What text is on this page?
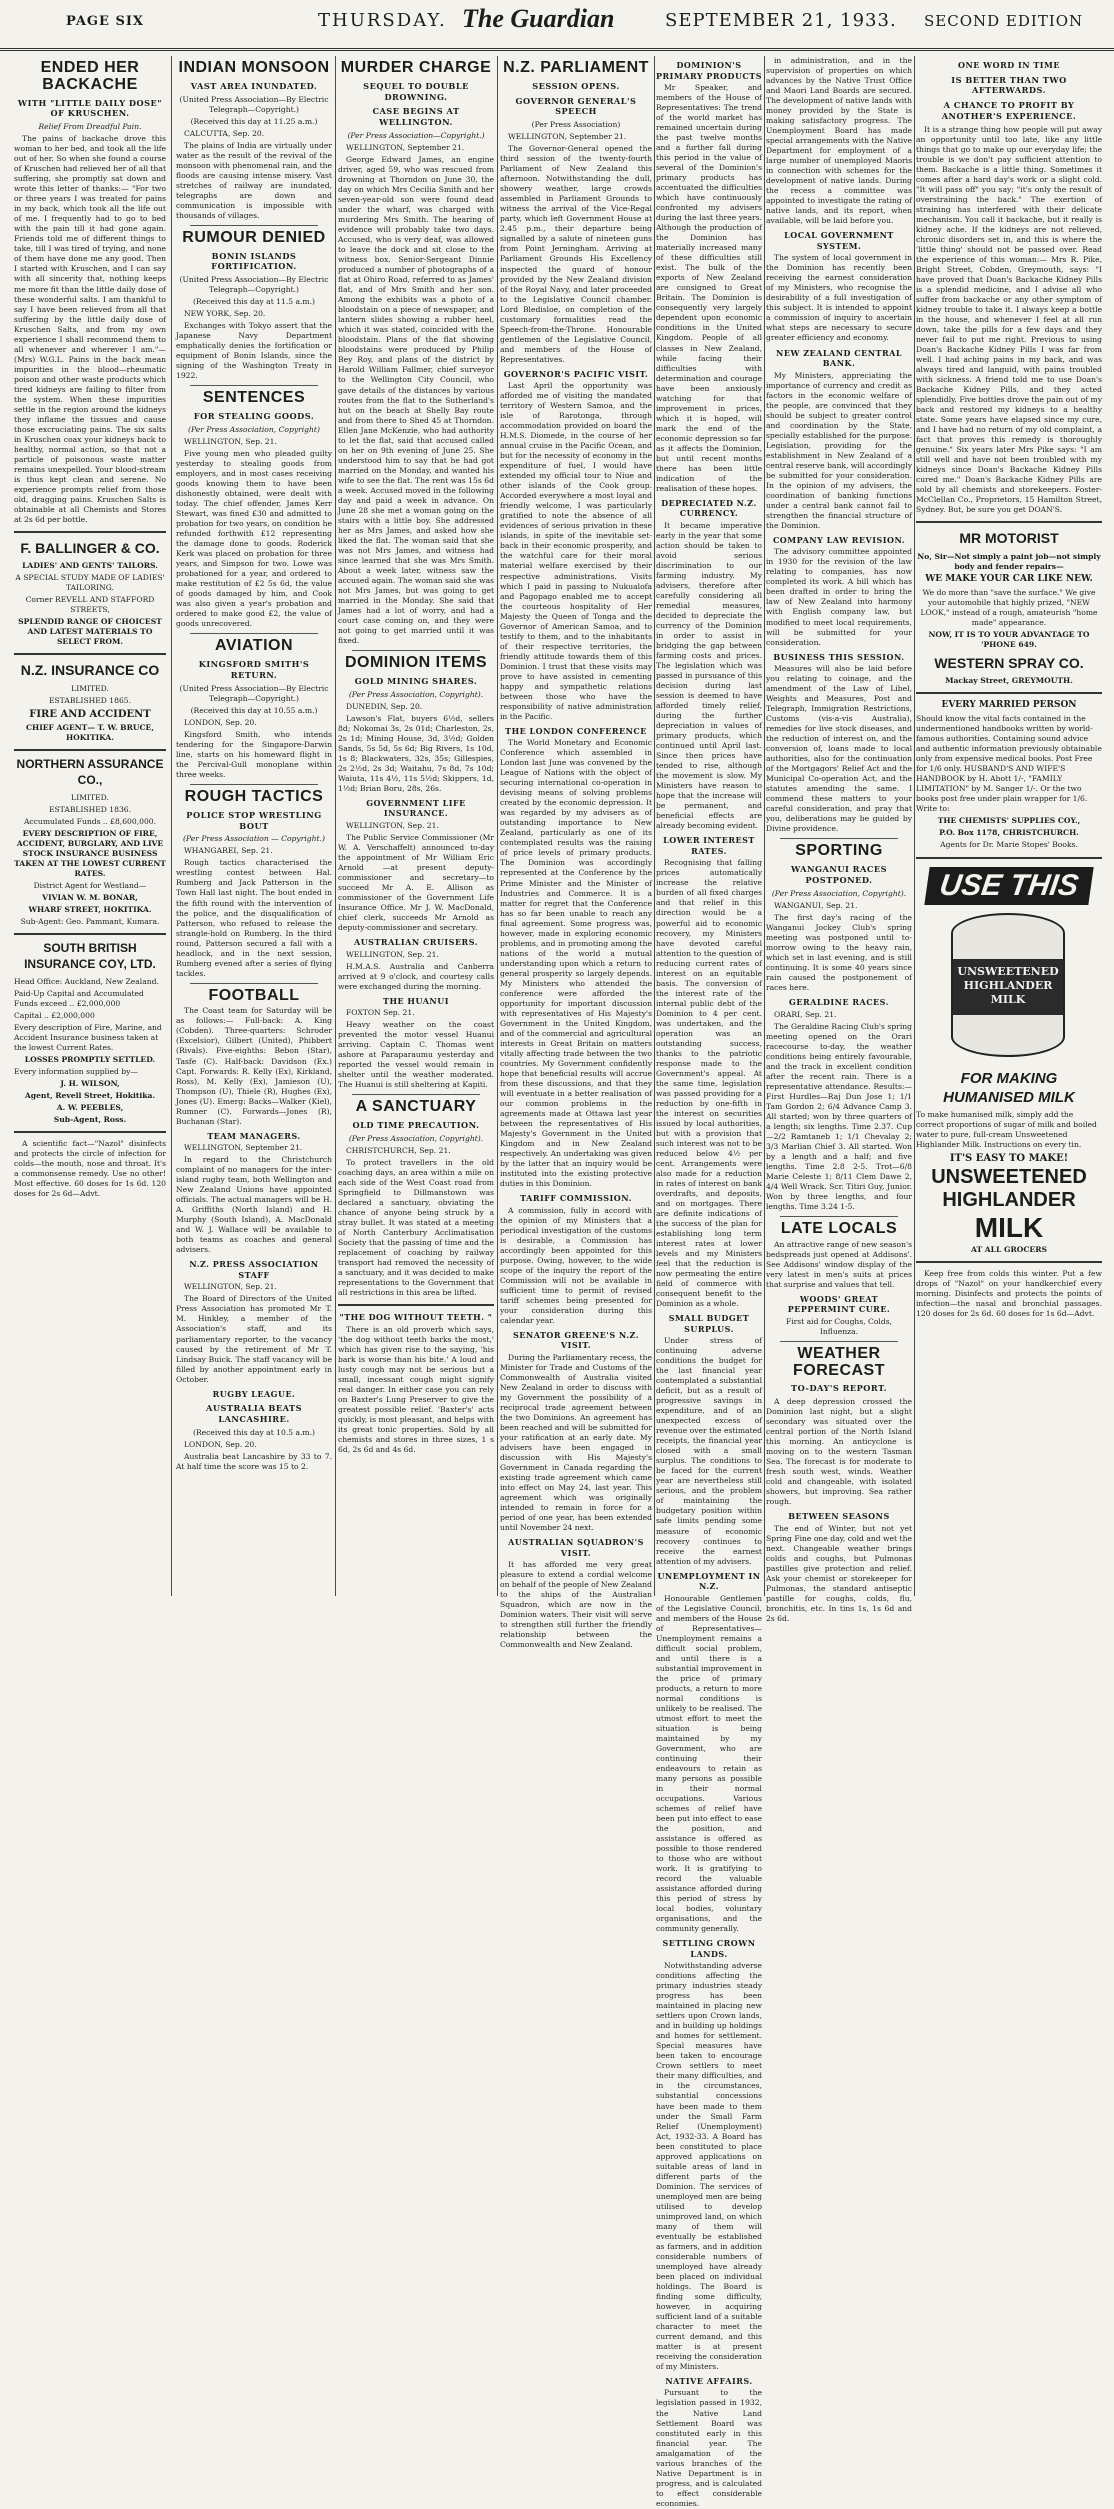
PAGE SIX	THURSDAY. The Guardian	SEPTEMBER 21, 1933. SECOND EDITION
ENDED HER BACKACHE
WITH "LITTLE DAILY DOSE" OF KRUSCHEN.

Relief From Dreadful Pain.

The pains of backache drove this woman to her bed, and took all the life out of her. So when she found a course of Kruschen had relieved her of all that suffering, she promptly sat down and wrote this letter of thanks:— "For two or three years I was treated for pains in my back, which took all the life out of me. I frequently had to go to bed with the pain till it had gone again. Friends told me of different things to take, till I was tired of trying, and none of them have done me any good. Then I started with Kruschen, and I can say with all sincerity that, nothing keeps me more fit than the little daily dose of these wonderful salts. I am thankful to say I have been relieved from all that suffering by the little daily dose of Kruschen Salts, and from my own experience I shall recommend them to all whenever and wherever I am."—(Mrs) W.G.L. Pains in the back mean impurities in the blood—rheumatic poison and other waste products which tired kidneys are failing to filter from the system. When these impurities settle in the region around the kidneys they inflame the tissues and cause those excruciating pains. The six salts in Kruschen coax your kidneys back to healthy, normal action, so that not a particle of poisonous waste matter remains unexpelled. Your blood-stream is thus kept clean and serene. No experience prompts relief from those old, dragging pains. Kruschen Salts is obtainable at all Chemists and Stores at 2s 6d per bottle.

F. BALLINGER & CO.

LADIES' AND GENTS' TAILORS.

A SPECIAL STUDY MADE OF LADIES' TAILORING.

Corner REVELL AND STAFFORD STREETS,

SPLENDID RANGE OF CHOICEST AND LATEST MATERIALS TO SELECT FROM.

N.Z. INSURANCE CO

LIMITED.

ESTABLISHED 1865.

FIRE AND ACCIDENT

CHIEF AGENT— T. W. BRUCE, HOKITIKA.

NORTHERN ASSURANCE CO.,

LIMITED.

ESTABLISHED 1836.

Accumulated Funds .. £8,600,000.

EVERY DESCRIPTION OF FIRE, ACCIDENT, BURGLARY, AND LIVE STOCK INSURANCE BUSINESS TAKEN AT THE LOWEST CURRENT RATES.

District Agent for Westland—

VIVIAN W. M. BONAR,

WHARF STREET, HOKITIKA.

Sub-Agent: Geo. Pammant, Kumara.

SOUTH BRITISH INSURANCE COY, LTD.

Head Office: Auckland, New Zealand.

Paid-Up Capital and Accumulated Funds exceed .. £2,000,000

Capital .. £2,000,000

Every description of Fire, Marine, and Accident Insurance business taken at the lowest Current Rates.

LOSSES PROMPTLY SETTLED.

Every information supplied by—

J. H. WILSON,

Agent, Revell Street, Hokitika.

A. W. PEEBLES,

Sub-Agent, Ross.

A scientific fact—"Nazol" disinfects and protects the circle of infection for colds—the mouth, nose and throat. It's a commonsense remedy. Use no other! Most effective. 60 doses for 1s 6d. 120 doses for 2s 6d—Advt.

INDIAN MONSOON
VAST AREA INUNDATED.

(United Press Association—By Electric Telegraph—Copyright.)

(Received this day at 11.25 a.m.)

CALCUTTA, Sep. 20.

The plains of India are virtually under water as the result of the revival of the monsoon with phenomenal rain, and the floods are causing intense misery. Vast stretches of railway are inundated, telegraphs are down and communication is impossible with thousands of villages.

RUMOUR DENIED
BONIN ISLANDS FORTIFICATION.

(United Press Association—By Electric Telegraph—Copyright.)

(Received this day at 11.5 a.m.)

NEW YORK, Sep. 20.

Exchanges with Tokyo assert that the Japanese Navy Department emphatically denies the fortification or equipment of Bonin Islands, since the signing of the Washington Treaty in 1922.

SENTENCES
FOR STEALING GOODS.

(Per Press Association, Copyright)

WELLINGTON, Sep. 21.

Five young men who pleaded guilty yesterday to stealing goods from employers, and in most cases receiving goods knowing them to have been dishonestly obtained, were dealt with today. The chief offender, James Kerr Stewart, was fined £30 and admitted to probation for two years, on condition he refunded forthwith £12 representing the damage done to goods. Roderick Kerk was placed on probation for three years, and Simpson for two. Lowe was probationed for a year, and ordered to make restitution of £2 5s 6d, the value of goods damaged by him, and Cook was also given a year's probation and ordered to make good £2, the value of goods unrecovered.

AVIATION
KINGSFORD SMITH'S RETURN.

(United Press Association—By Electric Telegraph—Copyright.)

(Received this day at 10.55 a.m.)

LONDON, Sep. 20.

Kingsford Smith, who intends tendering for the Singapore-Darwin line, starts on his homeward flight in the Percival-Gull monoplane within three weeks.

ROUGH TACTICS
POLICE STOP WRESTLING BOUT

(Per Press Association — Copyright.)

WHANGAREI, Sep. 21.

Rough tactics characterised the wrestling contest between Hal. Rumberg and Jack Patterson in the Town Hall last night. The bout ended in the fifth round with the intervention of the police, and the disqualification of Patterson, who refused to release the strangle-hold on Rumberg. In the third round, Patterson secured a fall with a headlock, and in the next session, Rumberg evened after a series of flying tackles.

FOOTBALL

The Coast team for Saturday will be as follows:— Full-back: A. King (Cobden). Three-quarters: Schroder (Excelsior), Gilbert (United), Phibbert (Rivals). Five-eighths: Bebon (Star), Tasfe (C). Half-back: Davidson (Ex.) Capt. Forwards: R. Kelly (Ex), Kirkland, Ross), M. Kelly (Ex), Jamieson (U), Thompson (U), Thiele (R), Hughes (Ex), Jones (U). Emerg: Backs—Walker (Kiel), Rumner (C). Forwards—Jones (R), Buchanan (Star).

TEAM MANAGERS.

WELLINGTON, September 21.

In regard to the Christchurch complaint of no managers for the inter-island rugby team, both Wellington and New Zealand Unions have appointed officials. The actual managers will be H. A. Griffiths (North Island) and H. Murphy (South Island), A. MacDonald and W. J. Wallace will be available to both teams as coaches and general advisers.

N.Z. PRESS ASSOCIATION STAFF

WELLINGTON, Sep. 21.

The Board of Directors of the United Press Association has promoted Mr T. M. Hinkley, a member of the Association's staff, and its parliamentary reporter, to the vacancy caused by the retirement of Mr T. Lindsay Buick. The staff vacancy will be filled by another appointment early in October.

RUGBY LEAGUE.

AUSTRALIA BEATS LANCASHIRE.

(Received this day at 10.5 a.m.)

LONDON, Sep. 20.

Australia beat Lancashire by 33 to 7. At half time the score was 15 to 2.

MURDER CHARGE
SEQUEL TO DOUBLE DROWNING.
CASE BEGINS AT WELLINGTON.

(Per Press Association—Copyright.)

WELLINGTON, September 21.

George Edward James, an engine driver, aged 59, who was rescued from drowning at Thorndon on June 30, the day on which Mrs Cecilia Smith and her seven-year-old son were found dead under the wharf, was charged with murdering Mrs Smith. The hearing of evidence will probably take two days. Accused, who is very deaf, was allowed to leave the dock and sit close to the witness box. Senior-Sergeant Dinnie produced a number of photographs of a flat at Ohiro Road, referred to as James' flat, and of Mrs Smith and her son. Among the exhibits was a photo of a bloodstain on a piece of newspaper, and lantern slides showing a rubber heel, which it was stated, coincided with the bloodstain. Plans of the flat showing bloodstains were produced by Philip Bey Roy, and plans of the district by Harold William Fallmer, chief surveyor to the Wellington City Council, who gave details of the distances by various routes from the flat to the Sutherland's hut on the beach at Shelly Bay route and from there to Shed 45 at Thorndon. Ellen Jane McKenzie, who had authority to let the flat, said that accused called on her on 9th evening of June 25. She understood him to say that he had got married on the Monday, and wanted his wife to see the flat. The rent was 15s 6d a week. Accused moved in the following day and paid a week in advance. On June 28 she met a woman going on the stairs with a little boy. She addressed her as Mrs James, and asked how she liked the flat. The woman said that she was not Mrs James, and witness had since learned that she was Mrs Smith. About a week later, witness saw the accused again. The woman said she was not Mrs James, but was going to get married in the Monday. She said that James had a lot of worry, and had a court case coming on, and they were not going to get married until it was fixed.

DOMINION ITEMS
GOLD MINING SHARES.

(Per Press Association, Copyright).

DUNEDIN, Sep. 20.

Lawson's Flat, buyers 6½d, sellers 8d; Nokomai 3s, 2s 01d; Charleston, 2s, 2s 1d; Mining House, 3d, 3½d; Golden Sands, 5s 5d, 5s 6d; Big Rivers, 1s 10d, 1s 8; Blackwaters, 32s, 35s; Gillespies, 2s 2½d, 2s 3d; Waitahu, 7s 8d, 7s 10d; Waiuta, 11s 4½, 11s 5½d; Skippers, 1d, 1½d; Brian Boru, 28s, 26s.

GOVERNMENT LIFE INSURANCE.

WELLINGTON, Sep. 21.

The Public Service Commissioner (Mr W. A. Verschaffelt) announced to-day the appointment of Mr William Eric Arnold —at present deputy-commissioner and secretary—to succeed Mr A. E. Allison as commissioner of the Government Life Insurance Office. Mr J. W. MacDonald, chief clerk, succeeds Mr Arnold as deputy-commissioner and secretary.

AUSTRALIAN CRUISERS.

WELLINGTON, Sep. 21.

H.M.A.S. Australia and Canberra arrived at 9 o'clock, and courtesy calls were exchanged during the morning.

THE HUANUI

FOXTON Sep. 21.

Heavy weather on the coast prevented the motor vessel Huanui arriving. Captain C. Thomas went ashore at Paraparaumu yesterday and reported the vessel would remain in shelter until the weather moderated. The Huanui is still sheltering at Kapiti.

A SANCTUARY
OLD TIME PRECAUTION.

(Per Press Association, Copyright).

CHRISTCHURCH, Sep. 21.

To protect travellers in the old coaching days, an area within a mile on each side of the West Coast road from Springfield to Dillmanstown was declared a sanctuary, obviating the chance of anyone being struck by a stray bullet. It was stated at a meeting of North Canterbury Acclimatisation Society that the passing of time and the replacement of coaching by railway transport had removed the necessity of a sanctuary, and it was decided to make representations to the Government that all restrictions in this area be lifted.

"THE DOG WITHOUT TEETH. "

There is an old proverb which says, 'the dog without teeth barks the most,' which has given rise to the saying, 'his bark is worse than his bite.' A loud and lusty cough may not be serious but a small, incessant cough might signify real danger. In either case you can rely on Baxter's Lung Preserver to give the greatest possible relief. 'Baxter's' acts quickly, is most pleasant, and helps with its great tonic properties. Sold by all chemists and stores in three sizes, 1 s 6d, 2s 6d and 4s 6d.

N.Z. PARLIAMENT
SESSION OPENS.
GOVERNOR GENERAL'S SPEECH

(Per Press Association)

WELLINGTON, September 21.

The Governor-General opened the third session of the twenty-fourth Parliament of New Zealand this afternoon. Notwithstanding the dull, showery weather, large crowds assembled in Parliament Grounds to witness the arrival of the Vice-Regal party, which left Government House at 2.45 p.m., their departure being signalled by a salute of nineteen guns from Point Jerningham. Arriving at Parliament Grounds His Excellency inspected the guard of honour provided by the New Zealand division of the Royal Navy, and later proceeded to the Legislative Council chamber. Lord Bledisloe, on completion of the customary formalities read the Speech-from-the-Throne. Honourable gentlemen of the Legislative Council, and members of the House of Representatives.

GOVERNOR'S PACIFIC VISIT.

Last April the opportunity was afforded me of visiting the mandated territory of Western Samoa, and the isle of Rarotonga, through accommodation provided on board the H.M.S. Diomede, in the course of her annual cruise in the Pacific Ocean, and but for the necessity of economy in the expenditure of fuel, I would have extended my official tour to Niue and other islands of the Cook group. Accorded everywhere a most loyal and friendly welcome, I was particularly gratified to note the absence of all evidences of serious privation in these islands, in spite of the inevitable set-back in their economic prosperity, and the watchful care for their moral material welfare exercised by their respective administrations. Visits which I paid in passing to Nukualofa and Pagopago enabled me to accept the courteous hospitality of Her Majesty the Queen of Tonga and the Governor of American Samoa, and to testify to them, and to the inhabitants of their respective territories, the friendly attitude towards them of this Dominion. I trust that these visits may prove to have assisted in cementing happy and sympathetic relations between those who have the responsibility of native administration in the Pacific.

THE LONDON CONFERENCE

The World Monetary and Economic Conference which assembled in London last June was convened by the League of Nations with the object of securing international co-operation in devising means of solving problems created by the economic depression. It was regarded by my advisers as of outstanding importance to New Zealand, particularly as one of its contemplated results was the raising of price levels of primary products. The Dominion was accordingly represented at the Conference by the Prime Minister and the Minister of Industries and Commerce. It is a matter for regret that the Conference has so far been unable to reach any final agreement. Some progress was, however, made in exploring economic problems, and in promoting among the nations of the world a mutual understanding upon which a return to general prosperity so largely depends. My Ministers who attended the conference were afforded the opportunity for important discussion with representatives of His Majesty's Government in the United Kingdom, and of the commercial and agricultural interests in Great Britain on matters vitally affecting trade between the two countries. My Government confidently hope that beneficial results will accrue from these discussions, and that they will eventuate in a better realisation of our common problems in the agreements made at Ottawa last year between the representatives of His Majesty's Government in the United Kingdom and in New Zealand respectively. An undertaking was given by the latter that an inquiry would be instituted into the existing protective duties in this Dominion.

TARIFF COMMISSION.

A commission, fully in accord with the opinion of my Ministers that a periodical investigation of the customs is desirable, a Commission has accordingly been appointed for this purpose. Owing, however, to the wide scope of the inquiry the report of the Commission will not be available in sufficient time to permit of revised tariff schemes being presented for your consideration during this calendar year.

SENATOR GREENE'S N.Z. VISIT.

During the Parliamentary recess, the Minister for Trade and Customs of the Commonwealth of Australia visited New Zealand in order to discuss with my Government the possibility of a reciprocal trade agreement between the two Dominions. An agreement has been reached and will be submitted for your ratification at an early date. My advisers have been engaged in discussion with His Majesty's Government in Canada regarding the existing trade agreement which came into effect on May 24, last year. This agreement which was originally intended to remain in force for a period of one year, has been extended until November 24 next.

AUSTRALIAN SQUADRON'S VISIT.

It has afforded me very great pleasure to extend a cordial welcome on behalf of the people of New Zealand to the ships of the Australian Squadron, which are now in the Dominion waters. Their visit will serve to strengthen still further the friendly relationship between the Commonwealth and New Zealand.

DOMINION'S PRIMARY PRODUCTS

Mr Speaker, and members of the House of Representatives: The trend of the world market has remained uncertain during the past twelve months and a further fall during this period in the value of several of the Dominion's primary products has accentuated the difficulties which have continuously confronted my advisers during the last three years. Although the production of the Dominion has materially increased many of these difficulties still exist. The bulk of the exports of New Zealand are consigned to Great Britain. The Dominion is consequently very largely dependent upon economic conditions in the United Kingdom. People of all classes in New Zealand, while facing their difficulties with determination and courage have been anxiously watching for that improvement in prices, which it is hoped, will mark the end of the economic depression so far as it affects the Dominion, but until recent months there has been little indication of the realisation of these hopes.

DEPRECIATED N.Z. CURRENCY.

It became imperative early in the year that some action should be taken to avoid serious discrimination to our farming industry. My advisers, therefore after carefully considering all remedial measures, decided to depreciate the currency of the Dominion in order to assist in bridging the gap between farming costs and prices. The legislation which was passed in pursuance of this decision during last session is deemed to have afforded timely relief, during the further depreciation in values of primary products, which continued until April last. Since then prices have tended to rise, although the movement is slow. My Ministers have reason to hope that the increase will be permanent, and beneficial effects are already becoming evident.

LOWER INTEREST RATES.

Recognising that falling prices automatically increase the relative burden of all fixed charges and that relief in this direction would be a powerful aid to economic recovery, my Ministers have devoted careful attention to the question of reducing current rates of interest on an equitable basis. The conversion of the interest rate of the internal public debt of the Dominion to 4 per cent. was undertaken, and the operation was an outstanding success, thanks to the patriotic response made to the Government's appeal. At the same time, legislation was passed providing for a reduction by one-fifth in the interest on securities issued by local authorities, but with a provision that such interest was not to be reduced below 4½ per cent. Arrangements were also made for a reduction in rates of interest on bank overdrafts, and deposits, and on mortgages. There are definite indications of the success of the plan for establishing long term interest rates at lower levels and my Ministers feel that the reduction is now permeating the entire field of commerce with consequent benefit to the Dominion as a whole.

SMALL BUDGET SURPLUS.

Under stress of continuing adverse conditions the budget for the last financial year contemplated a substantial deficit, but as a result of progressive savings in expenditure, and of an unexpected excess of revenue over the estimated receipts, the financial year closed with a small surplus. The conditions to be faced for the current year are nevertheless still serious, and the problem of maintaining the budgetary position within safe limits pending some measure of economic recovery continues to receive the earnest attention of my advisers.

UNEMPLOYMENT IN N.Z.

Honourable Gentlemen of the Legislative Council, and members of the House of Representatives—Unemployment remains a difficult social problem, and until there is a substantial improvement in the price of primary products, a return to more normal conditions is unlikely to be realised. The utmost effort to meet the situation is being maintained by my Government, who are continuing their endeavours to retain as many persons as possible in their normal occupations. Various schemes of relief have been put into effect to ease the position, and assistance is offered as possible to those rendered to those who are without work. It is gratifying to record the valuable assistance afforded during this period of stress by local bodies, voluntary organisations, and the community generally.

SETTLING CROWN LANDS.

Notwithstanding adverse conditions affecting the primary industries steady progress has been maintained in placing new settlers upon Crown lands, and in building up holdings and homes for settlement. Special measures have been taken to encourage Crown settlers to meet their many difficulties, and in the circumstances, substantial concessions have been made to them under the Small Farm Relief (Unemployment) Act, 1932-33. A Board has been constituted to place approved applications on suitable areas of land in different parts of the Dominion. The services of unemployed men are being utilised to develop unimproved land, on which many of them will eventually be established as farmers, and in addition considerable numbers of unemployed have already been placed on individual holdings. The Board is finding some difficulty, however, in acquiring sufficient land of a suitable character to meet the current demand, and this matter is at present receiving the consideration of my Ministers.

NATIVE AFFAIRS.

Pursuant to the legislation passed in 1932, the Native Land Settlement Board was constituted early in this financial year. The amalgamation of the various branches of the Native Department is in progress, and is calculated to effect considerable economies.

in administration, and in the supervision of properties on which advances by the Native Trust Office and Maori Land Boards are secured. The development of native lands with money provided by the State is making satisfactory progress. The Unemployment Board has made special arrangements with the Native Department for employment of a large number of unemployed Maoris in connection with schemes for the development of native lands. During the recess a committee was appointed to investigate the rating of native lands, and its report, when available, will be laid before you.

LOCAL GOVERNMENT SYSTEM.

The system of local government in the Dominion has recently been receiving the earnest consideration of my Ministers, who recognise the desirability of a full investigation of this subject. It is intended to appoint a commission of inquiry to ascertain what steps are necessary to secure greater efficiency and economy.

NEW ZEALAND CENTRAL BANK.

My Ministers, appreciating the importance of currency and credit as factors in the economic welfare of the people, are convinced that they should be subject to greater control and coordination by the State, specially established for the purpose. Legislation, providing for the establishment in New Zealand of a central reserve bank, will accordingly be submitted for your consideration. In the opinion of my advisers, the coordination of banking functions under a central bank cannot fail to strengthen the financial structure of the Dominion.

COMPANY LAW REVISION.

The advisory committee appointed in 1930 for the revision of the law relating to companies, has now completed its work. A bill which has been drafted in order to bring the law of New Zealand into harmony with English company law, but modified to meet local requirements, will be submitted for your consideration.

BUSINESS THIS SESSION.

Measures will also be laid before you relating to coinage, and the amendment of the Law of Libel, Weights and Measures, Post and Telegraph, Immigration Restrictions, Customs (vis-a-vis Australia), remedies for live stock diseases, and the reduction of interest on, and the conversion of, loans made to local authorities, also for the continuation of the Mortgagors' Relief Act and the Municipal Co-operation Act, and the statutes amending the same. I commend these matters to your careful consideration, and pray that you, deliberations may be guided by Divine providence.

SPORTING
WANGANUI RACES POSTPONED.

(Per Press Association, Copyright).

WANGANUI, Sep. 21.

The first day's racing of the Wanganui Jockey Club's spring meeting was postponed until to-morrow owing to the heavy rain, which set in last evening, and is still continuing. It is some 40 years since rain caused the postponement of races here.

GERALDINE RACES.

ORARI, Sep. 21.

The Geraldine Racing Club's spring meeting opened on the Orari racecourse to-day, the weather conditions being entirely favourable, and the track in excellent condition after the recent rain. There is a representative attendance. Results:— First Hurdles—Raj Dun Jose 1; 1/1 Tam Gordon 2; 6/4 Advance Camp 3. All started; won by three quarters of a length; six lengths. Time 2.37. Cup—2/2 Ramtaneb 1; 1/1 Chevalay 2; 3/3 Marlian Chief 3. All started. Won by a length and a half; and five lengths. Time 2.8 2-5. Trot—6/8 Marie Celeste 1; 8/11 Clem Dawe 2, 4/4 Well Wrack. Scr. Titiri Guy, Junior. Won by three lengths, and four lengths. Time 3.24 1-5.

LATE LOCALS

An attractive range of new season's bedspreads just opened at Addisons'. See Addisons' window display of the very latest in men's suits at prices that surprise and values that tell.

WOODS' GREAT PEPPERMINT CURE.

First aid for Coughs, Colds, Influenza.

WEATHER FORECAST
TO-DAY'S REPORT.

A deep depression crossed the Dominion last night, but a slight secondary was situated over the central portion of the North Island this morning. An anticyclone is moving on to the western Tasman Sea. The forecast is for moderate to fresh south west, winds. Weather cold and changeable, with isolated showers, but improving. Sea rather rough.

BETWEEN SEASONS

The end of Winter, but not yet Spring Fine one day, cold and wet the next. Changeable weather brings colds and coughs, but Pulmonas pastilles give protection and relief. Ask your chemist or storekeeper for Pulmonas, the standard antiseptic pastille for coughs, colds, flu, bronchitis, etc. In tins 1s, 1s 6d and 2s 6d.

ONE WORD IN TIME

IS BETTER THAN TWO AFTERWARDS.
A CHANCE TO PROFIT BY ANOTHER'S EXPERIENCE.

It is a strange thing how people will put away an opportunity until too late, like any little things that go to make up our everyday life; the trouble is we don't pay sufficient attention to them. Backache is a little thing. Sometimes it comes after a hard day's work or a slight cold. "It will pass off" you say; "it's only the result of overstraining the back." The exertion of straining has interfered with their delicate mechanism. You call it backache, but it really is kidney ache. If the kidneys are not relieved, chronic disorders set in, and this is where the 'little thing' should not be passed over. Read the experience of this woman:— Mrs R. Pike, Bright Street, Cobden, Greymouth, says: "I have proved that Doan's Backache Kidney Pills is a splendid medicine, and I advise all who suffer from backache or any other symptom of kidney trouble to take it. I always keep a bottle in the house, and whenever I feel at all run down, take the pills for a few days and they never fail to put me right. Previous to using Doan's Backache Kidney Pills I was far from well. I had aching pains in my back, and was always tired and languid, with pains troubled with sickness. A friend told me to use Doan's Backache Kidney Pills, and they acted splendidly. Five bottles drove the pain out of my back and restored my kidneys to a healthy state. Some years have elapsed since my cure, and I have had no return of my old complaint, a fact that proves this remedy is thoroughly genuine." Six years later Mrs Pike says: "I am still well and have not been troubled with my kidneys since Doan's Backache Kidney Pills cured me." Doan's Backache Kidney Pills are sold by all chemists and storekeepers. Foster-McClellan Co., Proprietors, 15 Hamilton Street, Sydney. But, be sure you get DOAN'S.

MR MOTORIST

No, Sir—Not simply a paint job—not simply body and fender repairs—

WE MAKE YOUR CAR LIKE NEW.

We do more than "save the surface." We give your automobile that highly prized, "NEW LOOK," instead of a rough, amateurish "home made" appearance.

NOW, IT IS TO YOUR ADVANTAGE TO 'PHONE 649.

WESTERN SPRAY CO.

Mackay Street, GREYMOUTH.

EVERY MARRIED PERSON

Should know the vital facts contained in the undermentioned handbooks written by world-famous authorities. Containing sound advice and authentic information previously obtainable only from expensive medical books. Post Free for 1/6 only. HUSBAND'S AND WIFE'S HANDBOOK by H. Abott 1/-, "FAMILY LIMITATION" by M. Sanger 1/-. Or the two books post free under plain wrapper for 1/6. Write to:

THE CHEMISTS' SUPPLIES COY.,

P.O. Box 1178, CHRISTCHURCH.

Agents for Dr. Marie Stopes' Books.

USE THIS
UNSWEETENED HIGHLANDER MILK

FOR MAKING HUMANISED MILK

To make humanised milk, simply add the correct proportions of sugar of milk and boiled water to pure, full-cream Unsweetened Highlander Milk. Instructions on every tin.

IT'S EASY TO MAKE!

UNSWEETENED
HIGHLANDER
MILK

AT ALL GROCERS

Keep free from colds this winter. Put a few drops of "Nazol" on your handkerchief every morning. Disinfects and protects the points of infection—the nasal and bronchial passages. 120 doses for 2s 6d. 60 doses for 1s 6d—Advt.
